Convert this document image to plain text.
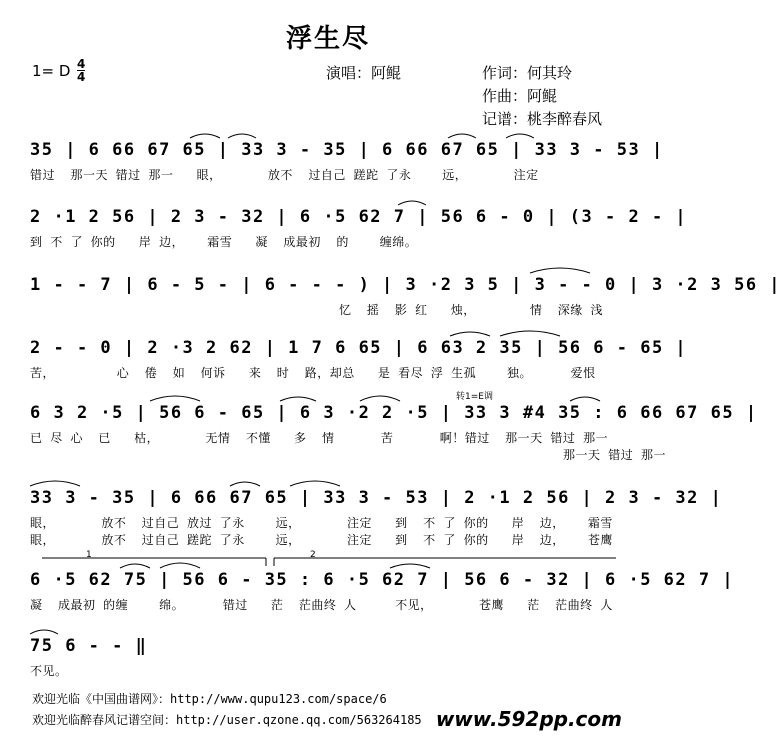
浮生尽
1= D 4
4	演唱：阿鲲	作词：何其玲
作曲：阿鲲
记谱：桃李醉春风
35 | 6 66 67 65 | 33 3 - 35 | 6 66 67 65 | 33 3 - 53 |
错过  那一天 错过 那一   眼，      放不  过自己 蹉跎 了永    远，      注定
2 ·1 2 56 | 2 3 - 32 | 6 ·5 62 7 | 56 6 - 0 | (3 - 2 - |
到 不 了 你的   岸 边，   霜雪   凝  成最初  的    缠绵。
1 - - 7 | 6 - 5 - | 6 - - - ) | 3 ·2 3 5 | 3 - - 0 | 3 ·2 3 56 |
忆  摇  影 红   烛，       情  深缘 浅
2 - - 0 | 2 ·3 2 62 | 1 7 6 65 | 6 63 2 35 | 56 6 - 65 |
苦，        心  倦  如  何诉   来  时  路，却总   是 看尽 浮 生孤    独。     爱恨
转1=E调
6 3 2 ·5 | 56 6 - 65 | 6 3 ·2 2 ·5 | 33 3 #4 35 : 6 66 67 65 |
已 尽 心  已   枯，      无情  不懂   多  情      苦      啊！错过  那一天 错过 那一
那一天 错过 那一
33 3 - 35 | 6 66 67 65 | 33 3 - 53 | 2 ·1 2 56 | 2 3 - 32 |
眼，      放不  过自己 放过 了永    远，      注定   到  不 了 你的   岸  边，   霜雪
眼，      放不  过自己 蹉跎 了永    远，      注定   到  不 了 你的   岸  边，   苍鹰
1	2
6 ·5 62 75 | 56 6 - 35 : 6 ·5 62 7 | 56 6 - 32 | 6 ·5 62 7 |
凝  成最初 的缠    绵。     错过   茫  茫曲终 人     不见，      苍鹰   茫  茫曲终 人
75 6 - - ‖
不见。
欢迎光临《中国曲谱网》：http://www.qupu123.com/space/6
欢迎光临醉春风记谱空间：http://user.qzone.qq.com/563264185 www.592pp.com
